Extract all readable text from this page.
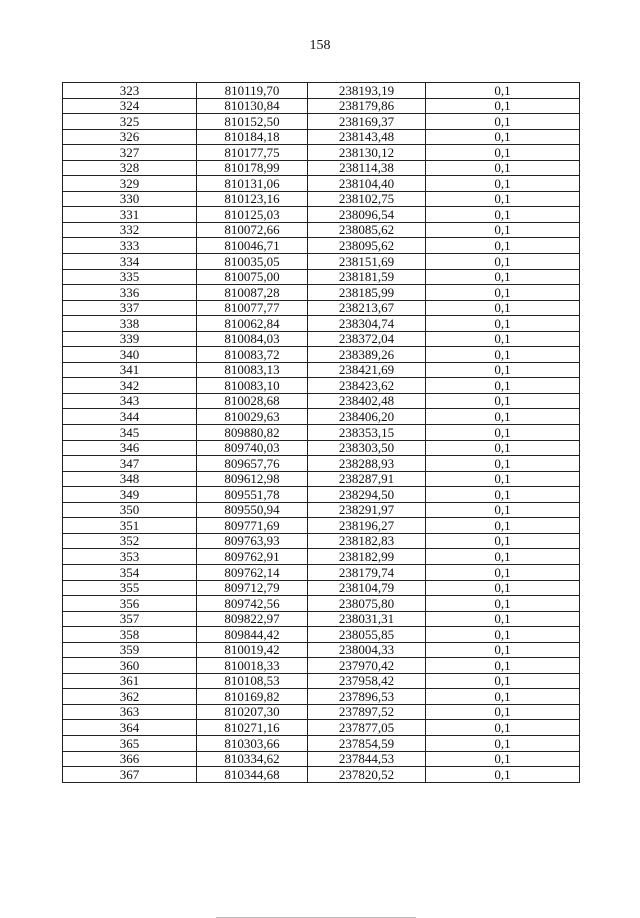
158
323	810119,70	238193,19	0,1
324	810130,84	238179,86	0,1
325	810152,50	238169,37	0,1
326	810184,18	238143,48	0,1
327	810177,75	238130,12	0,1
328	810178,99	238114,38	0,1
329	810131,06	238104,40	0,1
330	810123,16	238102,75	0,1
331	810125,03	238096,54	0,1
332	810072,66	238085,62	0,1
333	810046,71	238095,62	0,1
334	810035,05	238151,69	0,1
335	810075,00	238181,59	0,1
336	810087,28	238185,99	0,1
337	810077,77	238213,67	0,1
338	810062,84	238304,74	0,1
339	810084,03	238372,04	0,1
340	810083,72	238389,26	0,1
341	810083,13	238421,69	0,1
342	810083,10	238423,62	0,1
343	810028,68	238402,48	0,1
344	810029,63	238406,20	0,1
345	809880,82	238353,15	0,1
346	809740,03	238303,50	0,1
347	809657,76	238288,93	0,1
348	809612,98	238287,91	0,1
349	809551,78	238294,50	0,1
350	809550,94	238291,97	0,1
351	809771,69	238196,27	0,1
352	809763,93	238182,83	0,1
353	809762,91	238182,99	0,1
354	809762,14	238179,74	0,1
355	809712,79	238104,79	0,1
356	809742,56	238075,80	0,1
357	809822,97	238031,31	0,1
358	809844,42	238055,85	0,1
359	810019,42	238004,33	0,1
360	810018,33	237970,42	0,1
361	810108,53	237958,42	0,1
362	810169,82	237896,53	0,1
363	810207,30	237897,52	0,1
364	810271,16	237877,05	0,1
365	810303,66	237854,59	0,1
366	810334,62	237844,53	0,1
367	810344,68	237820,52	0,1
